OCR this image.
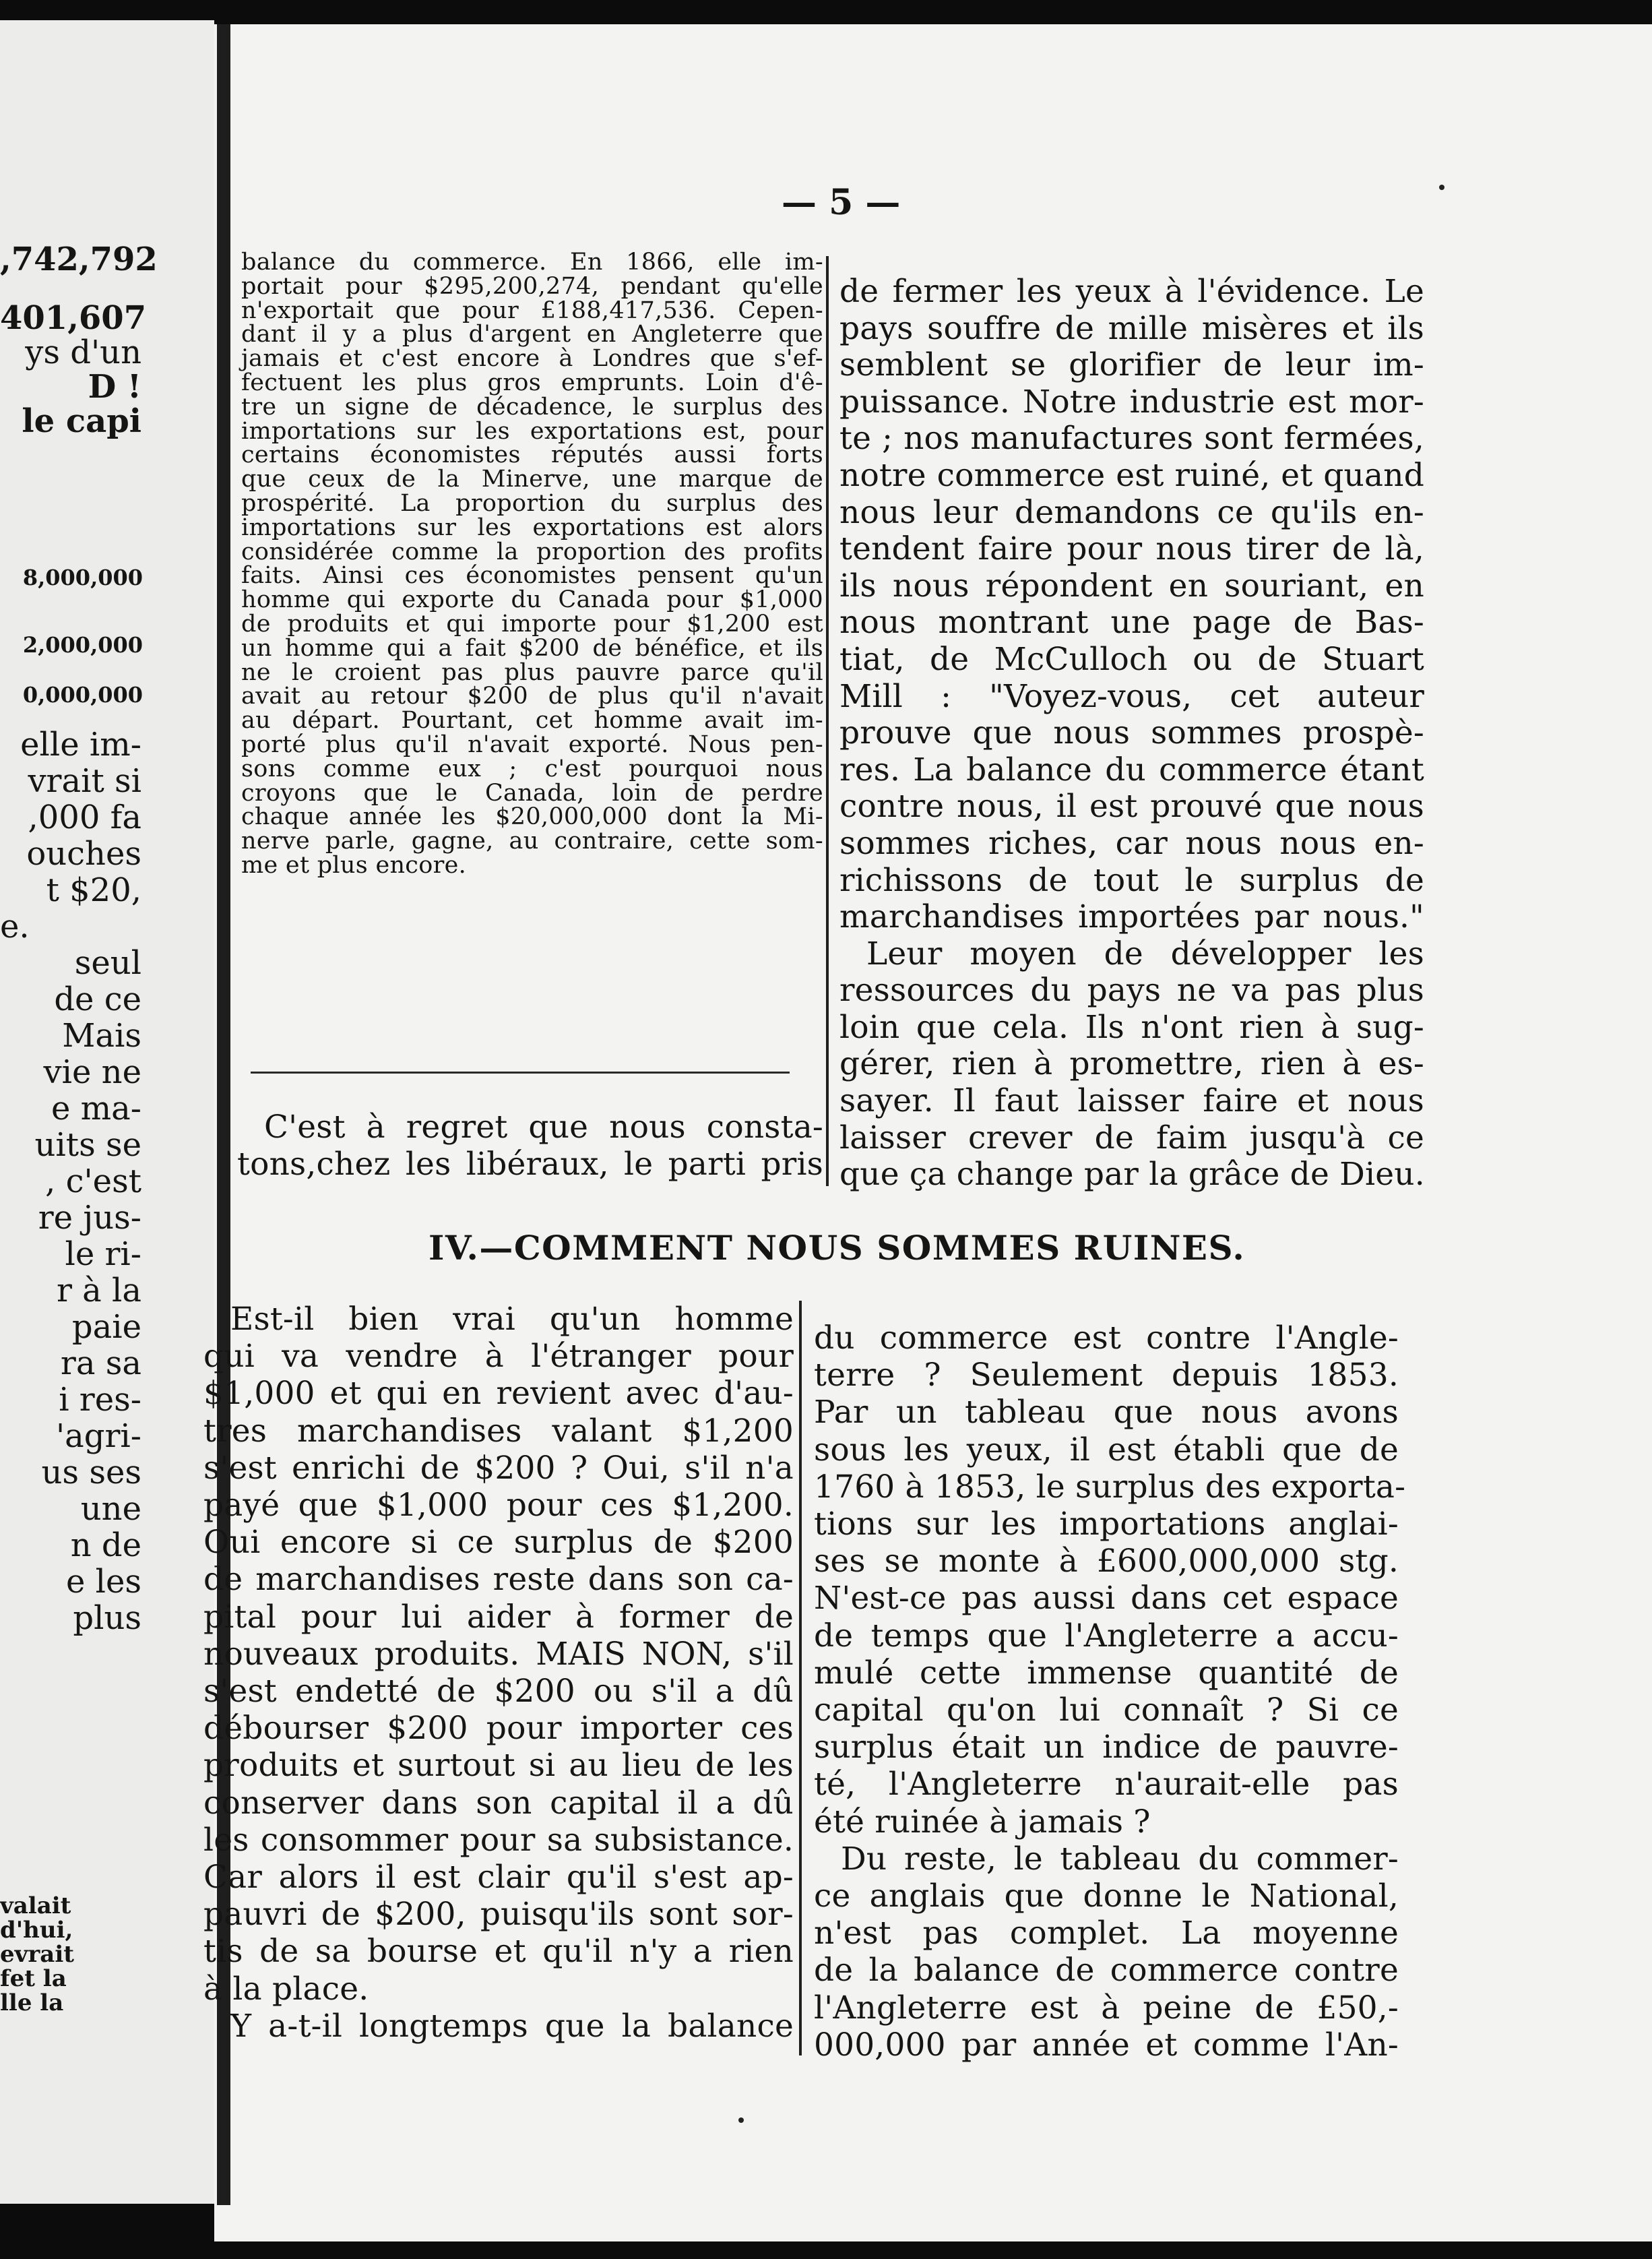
,742,792
401,607
ys d'un
D !
le capi
8,000,000
2,000,000
0,000,000
elle im-
vrait si
,000 fa
ouches
t $20,
e.
seul
de ce
Mais
vie ne
e ma-
uits se
, c'est
re jus-
le ri-
r à la
paie
ra sa
i res-
'agri-
us ses
une
n de
e les
plus
valait
d'hui,
evrait
fet la
lle la
— 5 —
balance du commerce. En 1866, elle im-
portait pour $295,200,274, pendant qu'elle
n'exportait que pour £188,417,536. Cepen-
dant il y a plus d'argent en Angleterre que
jamais et c'est encore à Londres que s'ef-
fectuent les plus gros emprunts. Loin d'ê-
tre un signe de décadence, le surplus des
importations sur les exportations est, pour
certains économistes réputés aussi forts
que ceux de la Minerve, une marque de
prospérité. La proportion du surplus des
importations sur les exportations est alors
considérée comme la proportion des profits
faits. Ainsi ces économistes pensent qu'un
homme qui exporte du Canada pour $1,000
de produits et qui importe pour $1,200 est
un homme qui a fait $200 de bénéfice, et ils
ne le croient pas plus pauvre parce qu'il
avait au retour $200 de plus qu'il n'avait
au départ. Pourtant, cet homme avait im-
porté plus qu'il n'avait exporté. Nous pen-
sons comme eux ; c'est pourquoi nous
croyons que le Canada, loin de perdre
chaque année les $20,000,000 dont la Mi-
nerve parle, gagne, au contraire, cette som-
me et plus encore.
C'est à regret que nous consta-
tons,chez les libéraux, le parti pris
de fermer les yeux à l'évidence. Le
pays souffre de mille misères et ils
semblent se glorifier de leur im-
puissance. Notre industrie est mor-
te ; nos manufactures sont fermées,
notre commerce est ruiné, et quand
nous leur demandons ce qu'ils en-
tendent faire pour nous tirer de là,
ils nous répondent en souriant, en
nous montrant une page de Bas-
tiat, de McCulloch ou de Stuart
Mill : "Voyez-vous, cet auteur
prouve que nous sommes prospè-
res. La balance du commerce étant
contre nous, il est prouvé que nous
sommes riches, car nous nous en-
richissons de tout le surplus de
marchandises importées par nous."
Leur moyen de développer les
ressources du pays ne va pas plus
loin que cela. Ils n'ont rien à sug-
gérer, rien à promettre, rien à es-
sayer. Il faut laisser faire et nous
laisser crever de faim jusqu'à ce
que ça change par la grâce de Dieu.
IV.—COMMENT NOUS SOMMES RUINES.
Est-il bien vrai qu'un homme
qui va vendre à l'étranger pour
$1,000 et qui en revient avec d'au-
tres marchandises valant $1,200
s'est enrichi de $200 ? Oui, s'il n'a
payé que $1,000 pour ces $1,200.
Oui encore si ce surplus de $200
de marchandises reste dans son ca-
pital pour lui aider à former de
nouveaux produits. MAIS NON, s'il
s'est endetté de $200 ou s'il a dû
débourser $200 pour importer ces
produits et surtout si au lieu de les
conserver dans son capital il a dû
les consommer pour sa subsistance.
Car alors il est clair qu'il s'est ap-
pauvri de $200, puisqu'ils sont sor-
tis de sa bourse et qu'il n'y a rien
à la place.
Y a-t-il longtemps que la balance
du commerce est contre l'Angle-
terre ? Seulement depuis 1853.
Par un tableau que nous avons
sous les yeux, il est établi que de
1760 à 1853, le surplus des exporta-
tions sur les importations anglai-
ses se monte à £600,000,000 stg.
N'est-ce pas aussi dans cet espace
de temps que l'Angleterre a accu-
mulé cette immense quantité de
capital qu'on lui connaît ? Si ce
surplus était un indice de pauvre-
té, l'Angleterre n'aurait-elle pas
été ruinée à jamais ?
Du reste, le tableau du commer-
ce anglais que donne le National,
n'est pas complet. La moyenne
de la balance de commerce contre
l'Angleterre est à peine de £50,-
000,000 par année et comme l'An-
